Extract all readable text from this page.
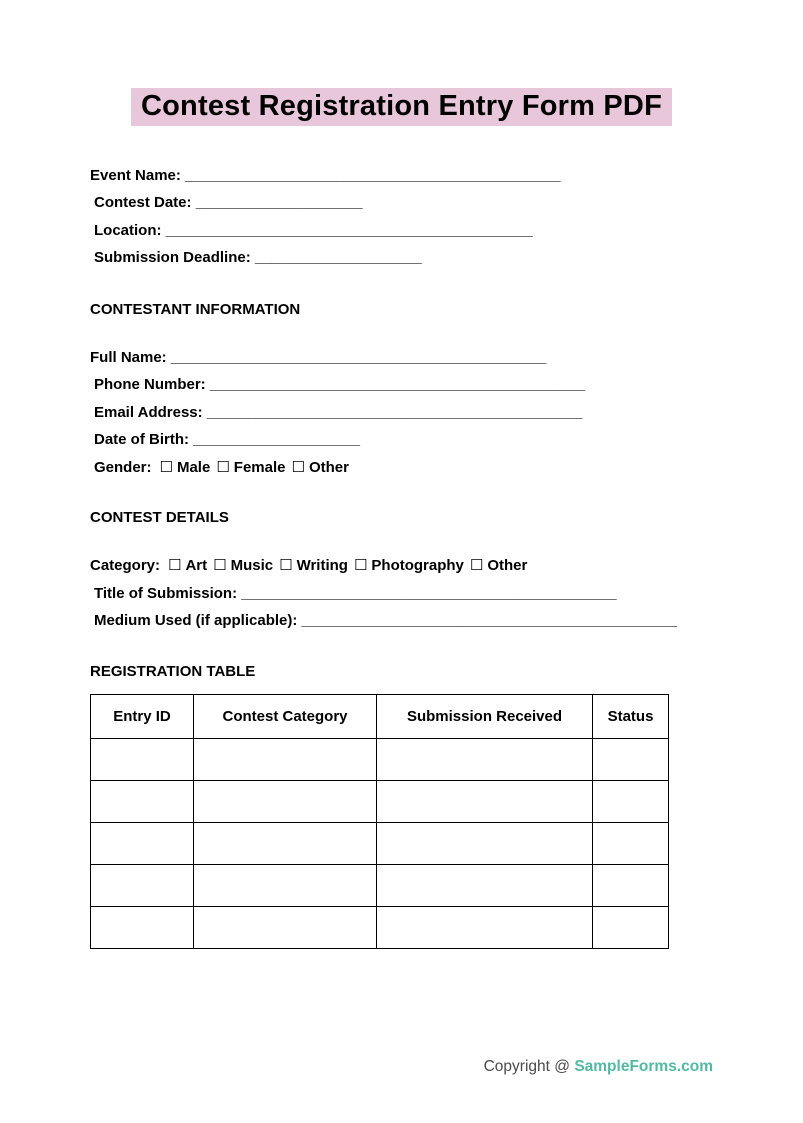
Contest Registration Entry Form PDF
Event Name: _____________________________________________
Contest Date: ____________________
Location: ____________________________________________
Submission Deadline: ____________________
CONTESTANT INFORMATION
Full Name: _____________________________________________
Phone Number: _____________________________________________
Email Address: _____________________________________________
Date of Birth: ____________________
Gender: ☐ Male ☐ Female ☐ Other
CONTEST DETAILS
Category: ☐ Art ☐ Music ☐ Writing ☐ Photography ☐ Other
Title of Submission: _____________________________________________
Medium Used (if applicable): _____________________________________________
REGISTRATION TABLE
Entry ID	Contest Category	Submission Received	Status

Copyright @ SampleForms.com
